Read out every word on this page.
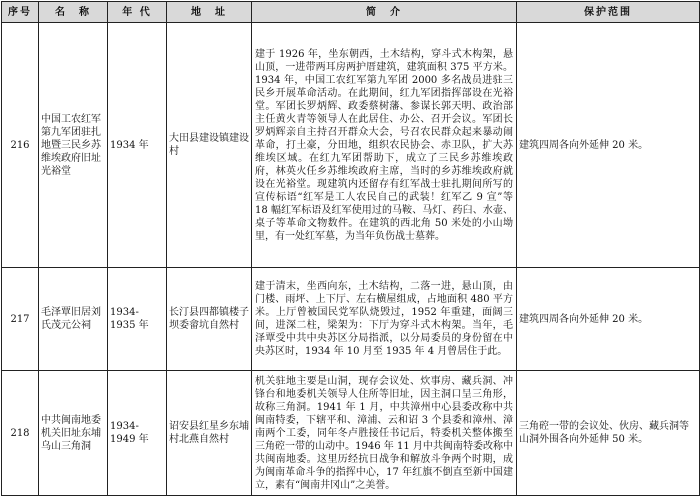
序号	名　称	年 代	地　址	简　介	保护范围
216	中国工农红军第九军团驻扎地暨三民乡苏维埃政府旧址光裕堂	1934 年	大田县建设镇建设村	建于 1926 年，坐东朝西，土木结构，穿斗式木构架，悬山顶，一进带两耳房两护厝建筑，建筑面积 375 平方米。1934 年，中国工农红军第九军团 2000 多名战员进驻三民乡开展革命活动。在此期间，红九军团指挥部设在光裕堂。军团长罗炳辉、政委蔡树藩、参谋长郭天明、政治部主任黄火青等领导人在此居住、办公、召开会议。军团长罗炳辉亲自主持召开群众大会，号召农民群众起来暴动闹革命，打土豪，分田地，组织农民协会、赤卫队，扩大苏维埃区域。在红九军团帮助下，成立了三民乡苏维埃政府，林英火任乡苏维埃政府主席，当时的乡苏维埃政府就设在光裕堂。现建筑内还留存有红军战士驻扎期间所写的宣传标语“红军是工人农民自己的武装！红军乙 9 宣”等 18 幅红军标语及红军使用过的马鞍、马灯、药臼、水壶、桌子等革命文物数件。在建筑的西北角 50 米处的小山坳里，有一处红军墓，为当年负伤战士墓葬。	建筑四周各向外延伸 20 米。
217	毛泽覃旧居刘氏茂元公祠	1934-1935 年	长汀县四都镇楼子坝委畲坑自然村	建于清末，坐西向东，土木结构，二落一进，悬山顶，由门楼、雨坪、上下厅、左右横屋组成，占地面积 480 平方米。上厅曾被国民党军队烧毁过，1952 年重建，面阔三间，进深二柱，梁架为：下厅为穿斗式木构架。当年，毛泽覃受中共中央苏区分局指派，以分局委员的身份留在中央苏区时，1934 年 10 月至 1935 年 4 月曾居住于此。	建筑四周各向外延伸 20 米。
218	中共闽南地委机关旧址东埔乌山三角洞	1934-1949 年	诏安县红星乡东埔村北燕自然村	机关驻地主要是山洞，现存会议处、炊事房、藏兵洞、冲锋台和地委机关领导人住所等旧址，因主洞口呈三角形，故称三角洞。1941 年 1 月，中共漳州中心县委改称中共闽南特委，下辖平和、漳浦、云和诏 3 个县委和漳州、漳南两个工委，同年冬卢胜接任书记后，特委机关整体搬至三角硿一带的山动中。1946 年 11 月中共闽南特委改称中共闽南地委。这里历经抗日战争和解放斗争两个时期，成为闽南革命斗争的指挥中心，17 年红旗不倒直至新中国建立，素有“闽南井冈山”之美誉。	三角硿一带的会议处、伙房、藏兵洞等山洞外围各向外延伸 50 米。
